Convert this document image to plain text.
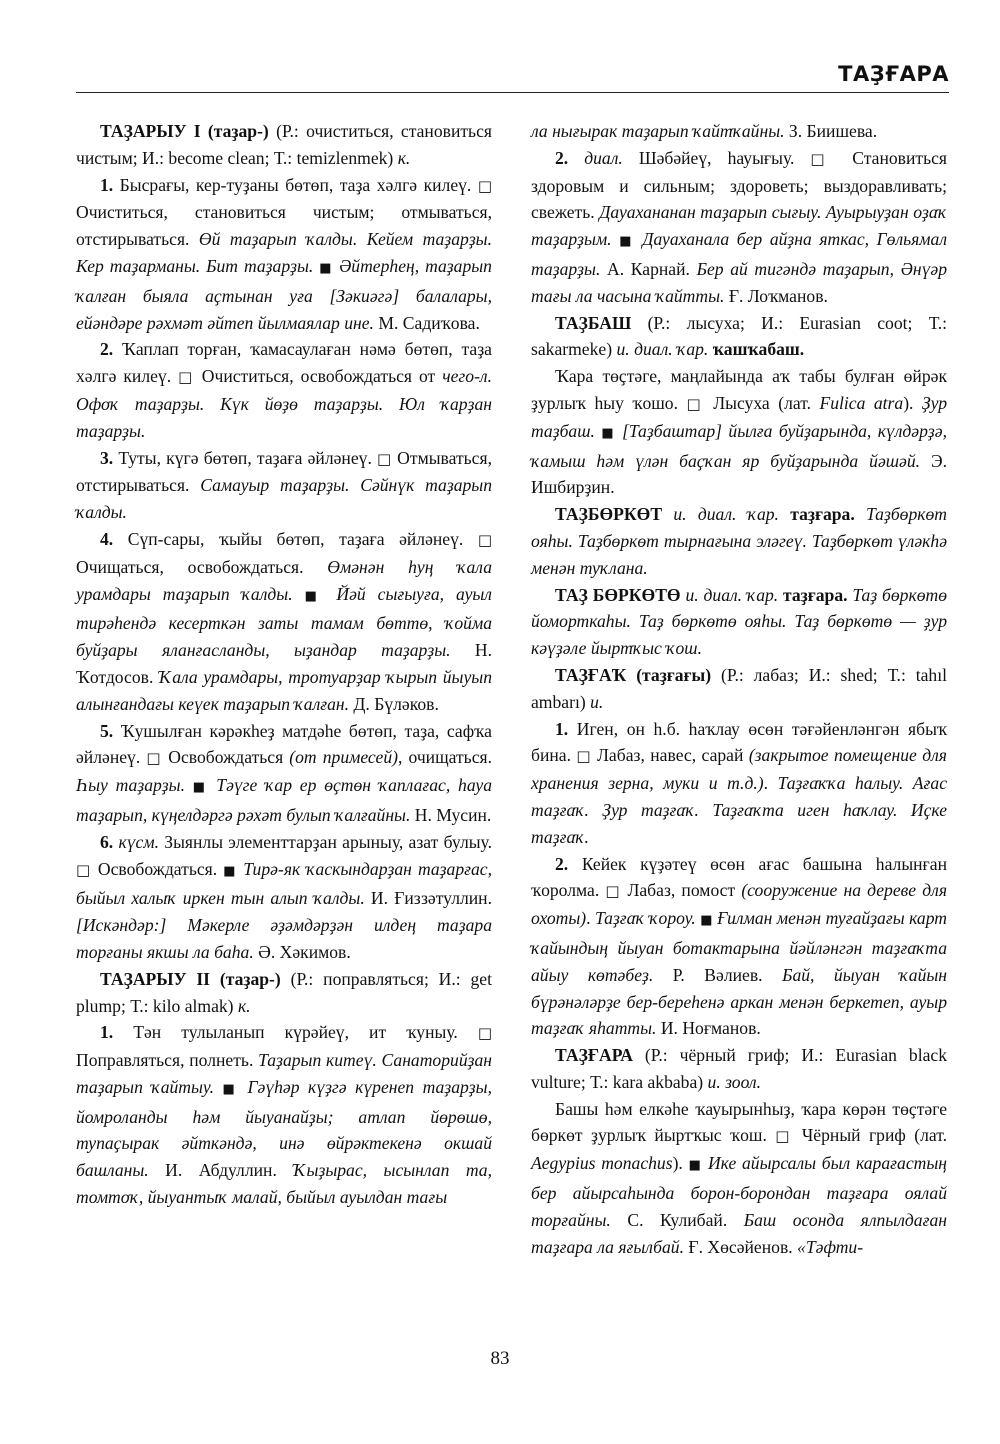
ТАҘҒАРА

ТАҘАРЫУ I (таҙар-) (Р.: очиститься, становиться чистым; И.: become clean; Т.: temizlenmek) к.

1. Бысрағы, кер-туҙаны бөтөп, таҙа хәлгә килеү. □ Очиститься, становиться чистым; отмываться, отстирываться. Өй таҙарып ҡалды. Кейем таҙарҙы. Кер таҙарманы. Бит таҙарҙы. ■ Әйтерһең, таҙарып ҡалған быяла аҫтынан уға [Зәкиәгә] балалары, ейәндәре рәхмәт әйтеп йылмаялар ине. М. Садиҡова.

2. Ҡаплап торған, ҡамасаулаған нәмә бөтөп, таҙа хәлгә килеү. □ Очиститься, освобождаться от чего-л. Офоҡ таҙарҙы. Күк йөҙө таҙарҙы. Юл ҡарҙан таҙарҙы.

3. Туты, күгә бөтөп, таҙаға әйләнеү. □ Отмываться, отстирываться. Самауыр таҙарҙы. Сәйнүк таҙарып ҡалды.

4. Сүп-сары, ҡыйы бөтөп, таҙаға әйләнеү. □ Очищаться, освобождаться. Өмәнән һуң ҡала урамдары таҙарып ҡалды. ■ Йәй сығыуға, ауыл тирәһендә кесерткән заты тамам бөттө, ҡойма буйҙары яланғасланды, ыҙандар таҙарҙы. Н. Ҡотдосов. Ҡала урамдары, тротуарҙар ҡырып йыуып алынғандағы кеүек таҙарып ҡалған. Д. Бүләков.

5. Ҡушылған кәрәкһеҙ матдәһе бөтөп, таҙа, сафҡа әйләнеү. □ Освобождаться (от примесей), очищаться. Һыу таҙарҙы. ■ Тәүге ҡар ер өҫтөн ҡаплағас, һауа таҙарып, күңелдәргә рәхәт булып ҡалғайны. Н. Мусин.

6. күсм. Зыянлы элементтарҙан арыныу, азат булыу. □ Освобождаться. ■ Тирә-як ҡаскындарҙан таҙарғас, быйыл халыҡ иркен тын алып ҡалды. И. Ғиззәтуллин. [Искәндәр:] Мәкерле әҙәмдәрҙән илдең таҙара торғаны якшы ла баһа. Ә. Хәкимов.

ТАҘАРЫУ II (таҙар-) (Р.: поправляться; И.: get plump; Т.: kilo almak) к.

1. Тән тулыланып күрәйеү, ит ҡуныу. □ Поправляться, полнеть. Таҙарып китеү. Санаторийҙан таҙарып ҡайтыу. ■ Гәүһәр күҙгә күренеп таҙарҙы, йомроланды һәм йыуанайҙы; атлап йөрөшө, тупаҫырак әйткәндә, инә өйрәктекенә окшай башланы. И. Абдуллин. Ҡыҙырас, ысынлап та, томтоҡ, йыуантыҡ малай, быйыл ауылдан тағы

ла нығырак таҙарып ҡайтҡайны. З. Биишева.

2. диал. Шәбәйеү, һауығыу. □ Становиться здоровым и сильным; здороветь; выздоравливать; свежеть. Дауахананан таҙарып сығыу. Ауырыуҙан оҙаҡ таҙарҙым. ■ Дауаханала бер айҙна яткас, Гөльямал таҙарҙы. А. Карнай. Бер ай тигәндә таҙарып, Әнүәр тағы ла часына ҡайтты. Ғ. Лоҡманов.

ТАҘБАШ (Р.: лысуха; И.: Eurasian coot; Т.: sakarmeke) и. диал. ҡар. ҡашҡабаш.

Ҡара төҫтәге, маңлайында аҡ табы булған өйрәк ҙурлыҡ һыу ҡошо. □ Лысуха (лат. Fulica atra). Ҙур таҙбаш. ■ [Таҙбаштар] йылға буйҙарында, күлдәрҙә, ҡамыш һәм үлән баҫҡан яр буйҙарында йәшәй. Э. Ишбирҙин.

ТАҘБӨРКӨТ и. диал. ҡар. таҙғара. Таҙбөркөт ояһы. Таҙбөркөт тырнағына эләгеү. Таҙбөркөт үләкһә менән туҡлана.

ТАҘ БӨРКӨТӨ и. диал. ҡар. таҙғара. Таҙ бөркөтө йоморткаһы. Таҙ бөркөтө ояһы. Таҙ бөркөтө — ҙур кәүҙәле йыртҡыс ҡош.

ТАҘҒАҠ (таҙғағы) (Р.: лабаз; И.: shed; Т.: tahıl ambarı) и.

1. Иген, он һ.б. һаҡлау өсөн тәғәйенләнгән ябыҡ бина. □ Лабаз, навес, сарай (закрытое помещение для хранения зерна, муки и т.д.). Таҙғаҡҡа һалыу. Ағас таҙғаҡ. Ҙур таҙғаҡ. Таҙғаҡта иген һаҡлау. Иҫке таҙғаҡ.

2. Кейек күҙәтеү өсөн ағас башына һалынған ҡоролма. □ Лабаз, помост (сооружение на дереве для охоты). Таҙғаҡ ҡороу. ■ Ғилман менән туғайҙағы карт ҡайындың йыуан ботактарына йәйләнгән таҙғаҡта айыу көтәбеҙ. Р. Вәлиев. Бай, йыуан ҡайын бүрәнәләрҙе бер-береһенә аркан менән беркетеп, ауыр таҙғаҡ яһатты. И. Ноғманов.

ТАҘҒАРА (Р.: чёрный гриф; И.: Eurasian black vulture; Т.: kara akbaba) и. зоол.

Башы һәм елкәһе ҡауырынһыҙ, ҡара көрән төҫтәге бөркөт ҙурлыҡ йыртҡыс ҡош. □ Чёрный гриф (лат. Aegypius monachus). ■ Ике айырсалы был карағастың бер айырсаһында борон-борондан таҙғара оялай торғайны. С. Кулибай. Баш осонда ялпылдаған таҙғара ла яғылбай. Ғ. Хөсәйенов. «Тәфти-

83
